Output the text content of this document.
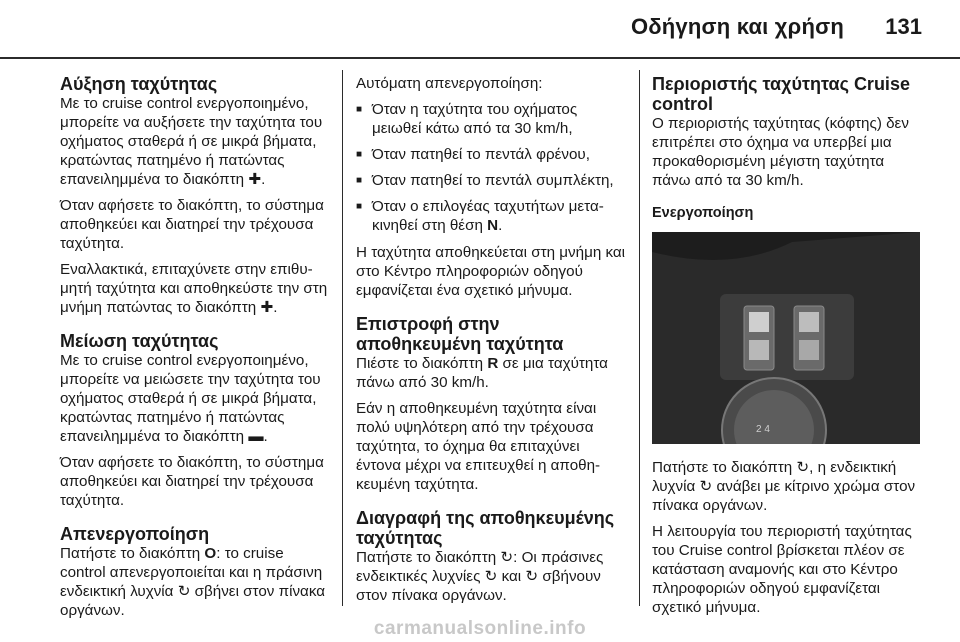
Οδήγηση και χρήση 131
Αύξηση ταχύτητας

Με το cruise control ενεργοποιημένο, μπορείτε να αυξήσετε την ταχύτητα του οχήματος σταθερά ή σε μικρά βήματα, κρατώντας πατημένο ή πατώντας επανειλημμένα το διακόπτη ✚.

Όταν αφήσετε το διακόπτη, το σύστημα αποθηκεύει και διατηρεί την τρέχουσα ταχύτητα.

Εναλλακτικά, επιταχύνετε στην επιθυμητή ταχύτητα και αποθηκεύστε την στη μνήμη πατώντας το διακόπτη ✚.

Μείωση ταχύτητας

Με το cruise control ενεργοποιημένο, μπορείτε να μειώσετε την ταχύτητα του οχήματος σταθερά ή σε μικρά βήματα, κρατώντας πατημένο ή πατώντας επανειλημμένα το διακόπτη ▬.

Όταν αφήσετε το διακόπτη, το σύστημα αποθηκεύει και διατηρεί την τρέχουσα ταχύτητα.

Απενεργοποίηση

Πατήστε το διακόπτη O: το cruise control απενεργοποιείται και η πράσινη ενδεικτική λυχνία ↻ σβήνει στον πίνακα οργάνων.

Αυτόματη απενεργοποίηση:

■ Όταν η ταχύτητα του οχήματος μειωθεί κάτω από τα 30 km/h,
■ Όταν πατηθεί το πεντάλ φρένου,
■ Όταν πατηθεί το πεντάλ συμπλέκτη,
■ Όταν ο επιλογέας ταχυτήτων μετακινηθεί στη θέση N.

Η ταχύτητα αποθηκεύεται στη μνήμη και στο Κέντρο πληροφοριών οδηγού εμφανίζεται ένα σχετικό μήνυμα.

Επιστροφή στην αποθηκευμένη ταχύτητα

Πιέστε το διακόπτη R σε μια ταχύτητα πάνω από 30 km/h.

Εάν η αποθηκευμένη ταχύτητα είναι πολύ υψηλότερη από την τρέχουσα ταχύτητα, το όχημα θα επιταχύνει έντονα μέχρι να επιτευχθεί η αποθηκευμένη ταχύτητα.

Διαγραφή της αποθηκευμένης ταχύτητας

Πατήστε το διακόπτη ↻: Οι πράσινες ενδεικτικές λυχνίες ↻ και ↻ σβήνουν στον πίνακα οργάνων.

Περιοριστής ταχύτητας Cruise control

Ο περιοριστής ταχύτητας (κόφτης) δεν επιτρέπει στο όχημα να υπερβεί μια προκαθορισμένη μέγιστη ταχύτητα πάνω από τα 30 km/h.

Ενεργοποίηση
2 4

Πατήστε το διακόπτη ↻, η ενδεικτική λυχνία ↻ ανάβει με κίτρινο χρώμα στον πίνακα οργάνων.

Η λειτουργία του περιοριστή ταχύτητας του Cruise control βρίσκεται πλέον σε κατάσταση αναμονής και στο Κέντρο πληροφοριών οδηγού εμφανίζεται σχετικό μήνυμα.

carmanualsonline.info
